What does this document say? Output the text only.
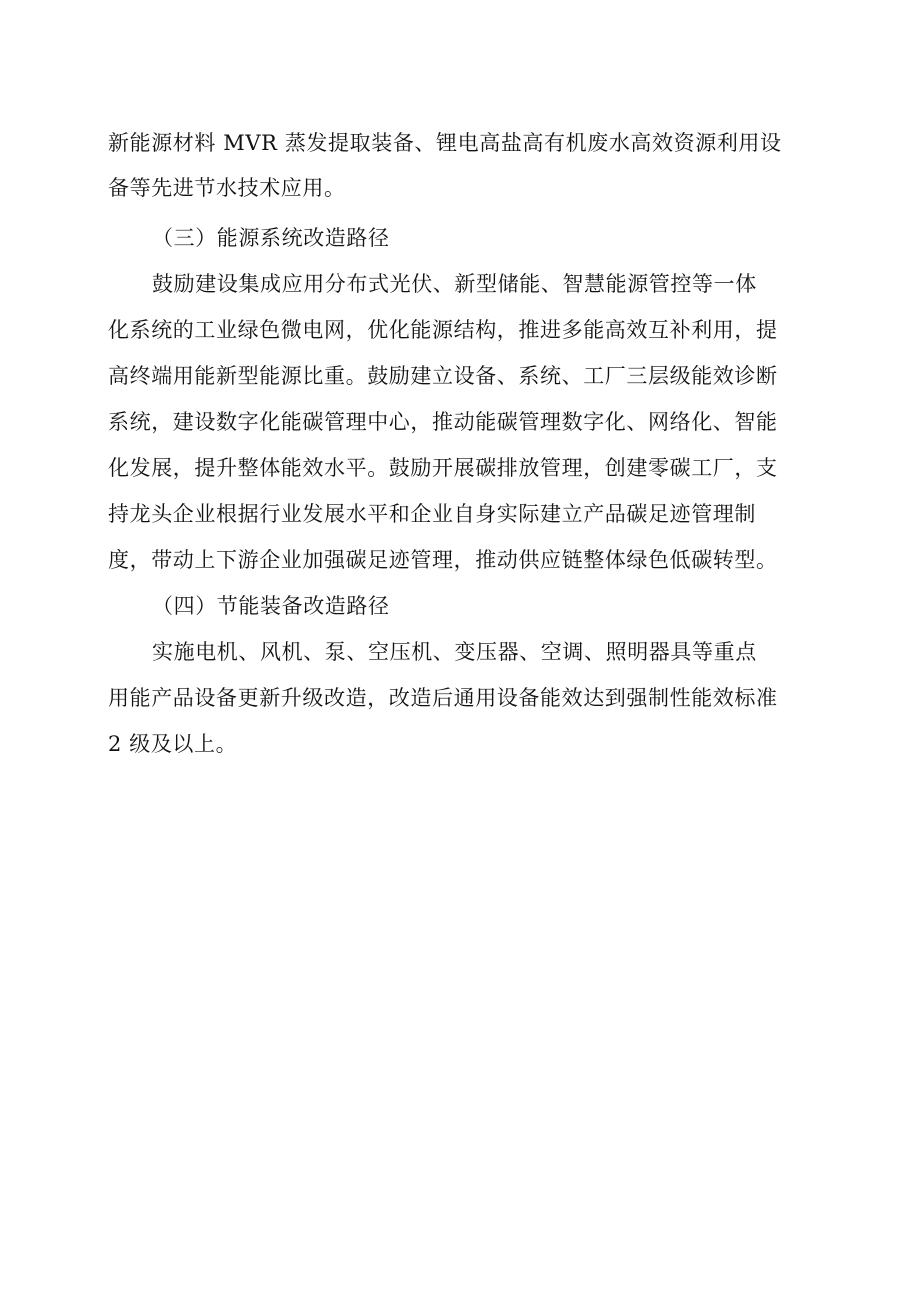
新能源材料 MVR 蒸发提取装备、锂电高盐高有机废水高效资源利用设
备等先进节水技术应用。
（三）能源系统改造路径
鼓励建设集成应用分布式光伏、新型储能、智慧能源管控等一体
化系统的工业绿色微电网，优化能源结构，推进多能高效互补利用，提
高终端用能新型能源比重。鼓励建立设备、系统、工厂三层级能效诊断
系统，建设数字化能碳管理中心，推动能碳管理数字化、网络化、智能
化发展，提升整体能效水平。鼓励开展碳排放管理，创建零碳工厂，支
持龙头企业根据行业发展水平和企业自身实际建立产品碳足迹管理制
度，带动上下游企业加强碳足迹管理，推动供应链整体绿色低碳转型。
（四）节能装备改造路径
实施电机、风机、泵、空压机、变压器、空调、照明器具等重点
用能产品设备更新升级改造，改造后通用设备能效达到强制性能效标准
2 级及以上。
